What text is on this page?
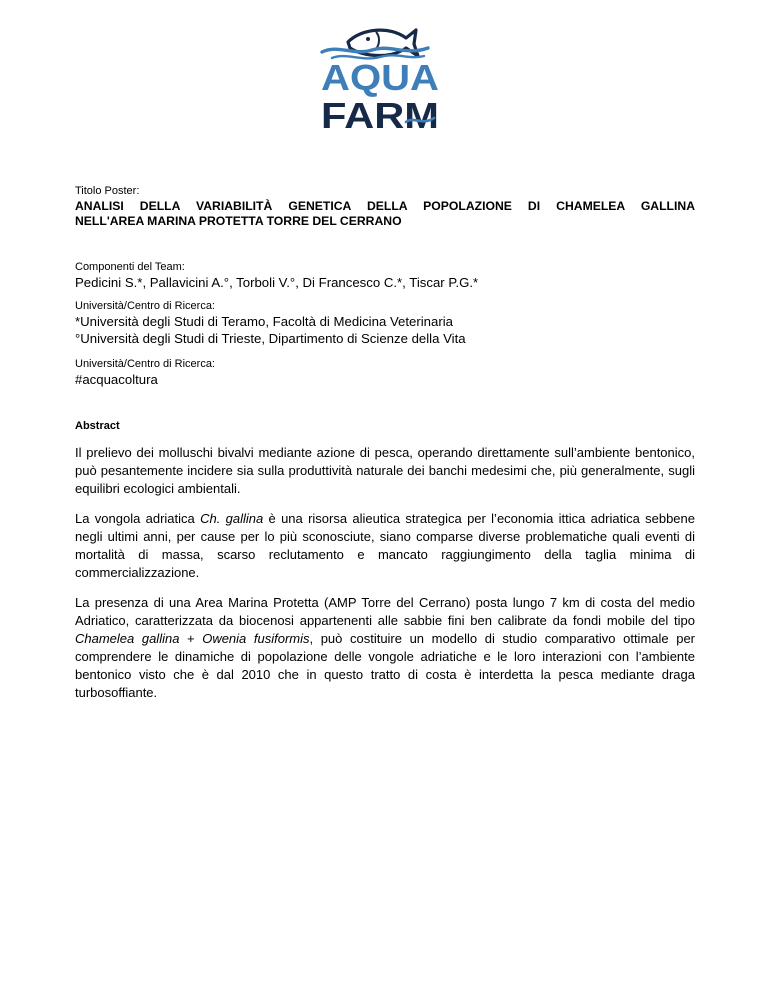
AQUA
FARM

Titolo Poster:

ANALISI DELLA VARIABILITÀ GENETICA DELLA POPOLAZIONE DI CHAMELEA GALLINA
NELL'AREA MARINA PROTETTA TORRE DEL CERRANO

Componenti del Team:

Pedicini S.*, Pallavicini A.°, Torboli V.°, Di Francesco C.*, Tiscar P.G.*

Università/Centro di Ricerca:

*Università degli Studi di Teramo, Facoltà di Medicina Veterinaria

°Università degli Studi di Trieste, Dipartimento di Scienze della Vita

Università/Centro di Ricerca:

#acquacoltura

Abstract

Il prelievo dei molluschi bivalvi mediante azione di pesca, operando direttamente sull’ambiente bentonico, può pesantemente incidere sia sulla produttività naturale dei banchi medesimi che, più generalmente, sugli equilibri ecologici ambientali.

La vongola adriatica Ch. gallina è una risorsa alieutica strategica per l’economia ittica adriatica sebbene negli ultimi anni, per cause per lo più sconosciute, siano comparse diverse problematiche quali eventi di mortalità di massa, scarso reclutamento e mancato raggiungimento della taglia minima di commercializzazione.

La presenza di una Area Marina Protetta (AMP Torre del Cerrano) posta lungo 7 km di costa del medio Adriatico, caratterizzata da biocenosi appartenenti alle sabbie fini ben calibrate da fondi mobile del tipo Chamelea gallina + Owenia fusiformis, può costituire un modello di studio comparativo ottimale per comprendere le dinamiche di popolazione delle vongole adriatiche e le loro interazioni con l’ambiente bentonico visto che è dal 2010 che in questo tratto di costa è interdetta la pesca mediante draga turbosoffiante.
